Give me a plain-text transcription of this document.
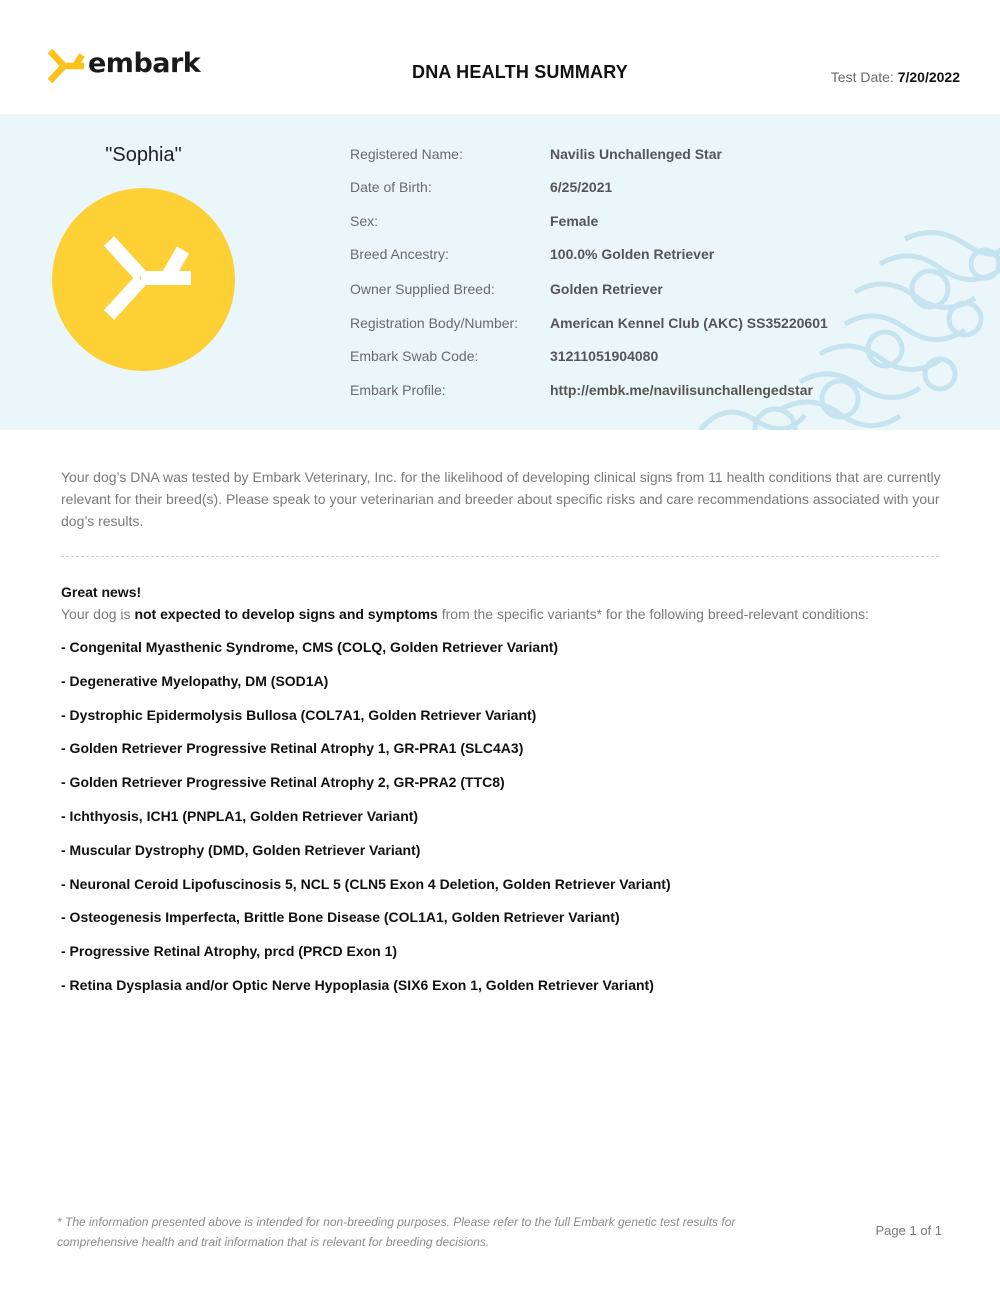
embark	DNA HEALTH SUMMARY	Test Date: 7/20/2022
"Sophia"	Registered Name:	Navilis Unchallenged Star
Date of Birth:	6/25/2021
Sex:	Female
Breed Ancestry:	100.0% Golden Retriever
Owner Supplied Breed:	Golden Retriever
Registration Body/Number: American Kennel Club (AKC) SS35220601
Embark Swab Code:	31211051904080
Embark Profile:	http://embk.me/navilisunchallengedstar

Your dog’s DNA was tested by Embark Veterinary, Inc. for the likelihood of developing clinical signs from 11 health conditions that are currently relevant for their breed(s). Please speak to your veterinarian and breeder about specific risks and care recommendations associated with your dog’s results.

Great news!
Your dog is not expected to develop signs and symptoms from the specific variants* for the following breed-relevant conditions:
- Congenital Myasthenic Syndrome, CMS (COLQ, Golden Retriever Variant)
- Degenerative Myelopathy, DM (SOD1A)
- Dystrophic Epidermolysis Bullosa (COL7A1, Golden Retriever Variant)
- Golden Retriever Progressive Retinal Atrophy 1, GR-PRA1 (SLC4A3)
- Golden Retriever Progressive Retinal Atrophy 2, GR-PRA2 (TTC8)
- Ichthyosis, ICH1 (PNPLA1, Golden Retriever Variant)
- Muscular Dystrophy (DMD, Golden Retriever Variant)
- Neuronal Ceroid Lipofuscinosis 5, NCL 5 (CLN5 Exon 4 Deletion, Golden Retriever Variant)
- Osteogenesis Imperfecta, Brittle Bone Disease (COL1A1, Golden Retriever Variant)
- Progressive Retinal Atrophy, prcd (PRCD Exon 1)
- Retina Dysplasia and/or Optic Nerve Hypoplasia (SIX6 Exon 1, Golden Retriever Variant)
* The information presented above is intended for non-breeding purposes. Please refer to the full Embark genetic test results for comprehensive health and trait information that is relevant for breeding decisions.
Page 1 of 1
